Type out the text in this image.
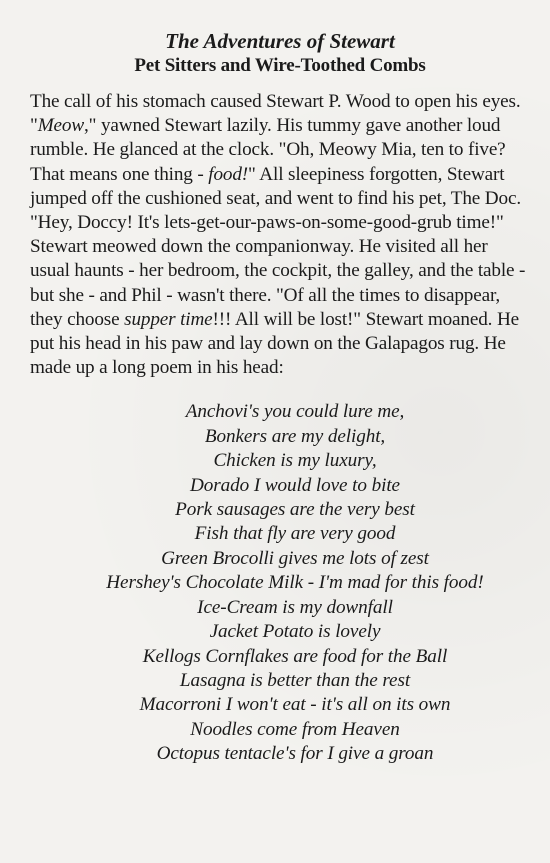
The Adventures of Stewart
Pet Sitters and Wire-Toothed Combs

The call of his stomach caused Stewart P. Wood to open his eyes. "Meow," yawned Stewart lazily. His tummy gave another loud rumble. He glanced at the clock. "Oh, Meowy Mia, ten to five? That means one thing - food!" All sleepiness forgotten, Stewart jumped off the cushioned seat, and went to find his pet, The Doc. "Hey, Doccy! It's lets-get-our-paws-on-some-good-grub time!" Stewart meowed down the companionway. He visited all her usual haunts - her bedroom, the cockpit, the galley, and the table - but she - and Phil - wasn't there. "Of all the times to disappear, they choose supper time!!! All will be lost!" Stewart moaned. He put his head in his paw and lay down on the Galapagos rug. He made up a long poem in his head:

Anchovi's you could lure me,
Bonkers are my delight,
Chicken is my luxury,
Dorado I would love to bite
Pork sausages are the very best
Fish that fly are very good
Green Brocolli gives me lots of zest
Hershey's Chocolate Milk - I'm mad for this food!
Ice-Cream is my downfall
Jacket Potato is lovely
Kellogs Cornflakes are food for the Ball
Lasagna is better than the rest
Macorroni I won't eat - it's all on its own
Noodles come from Heaven
Octopus tentacle's for I give a groan
